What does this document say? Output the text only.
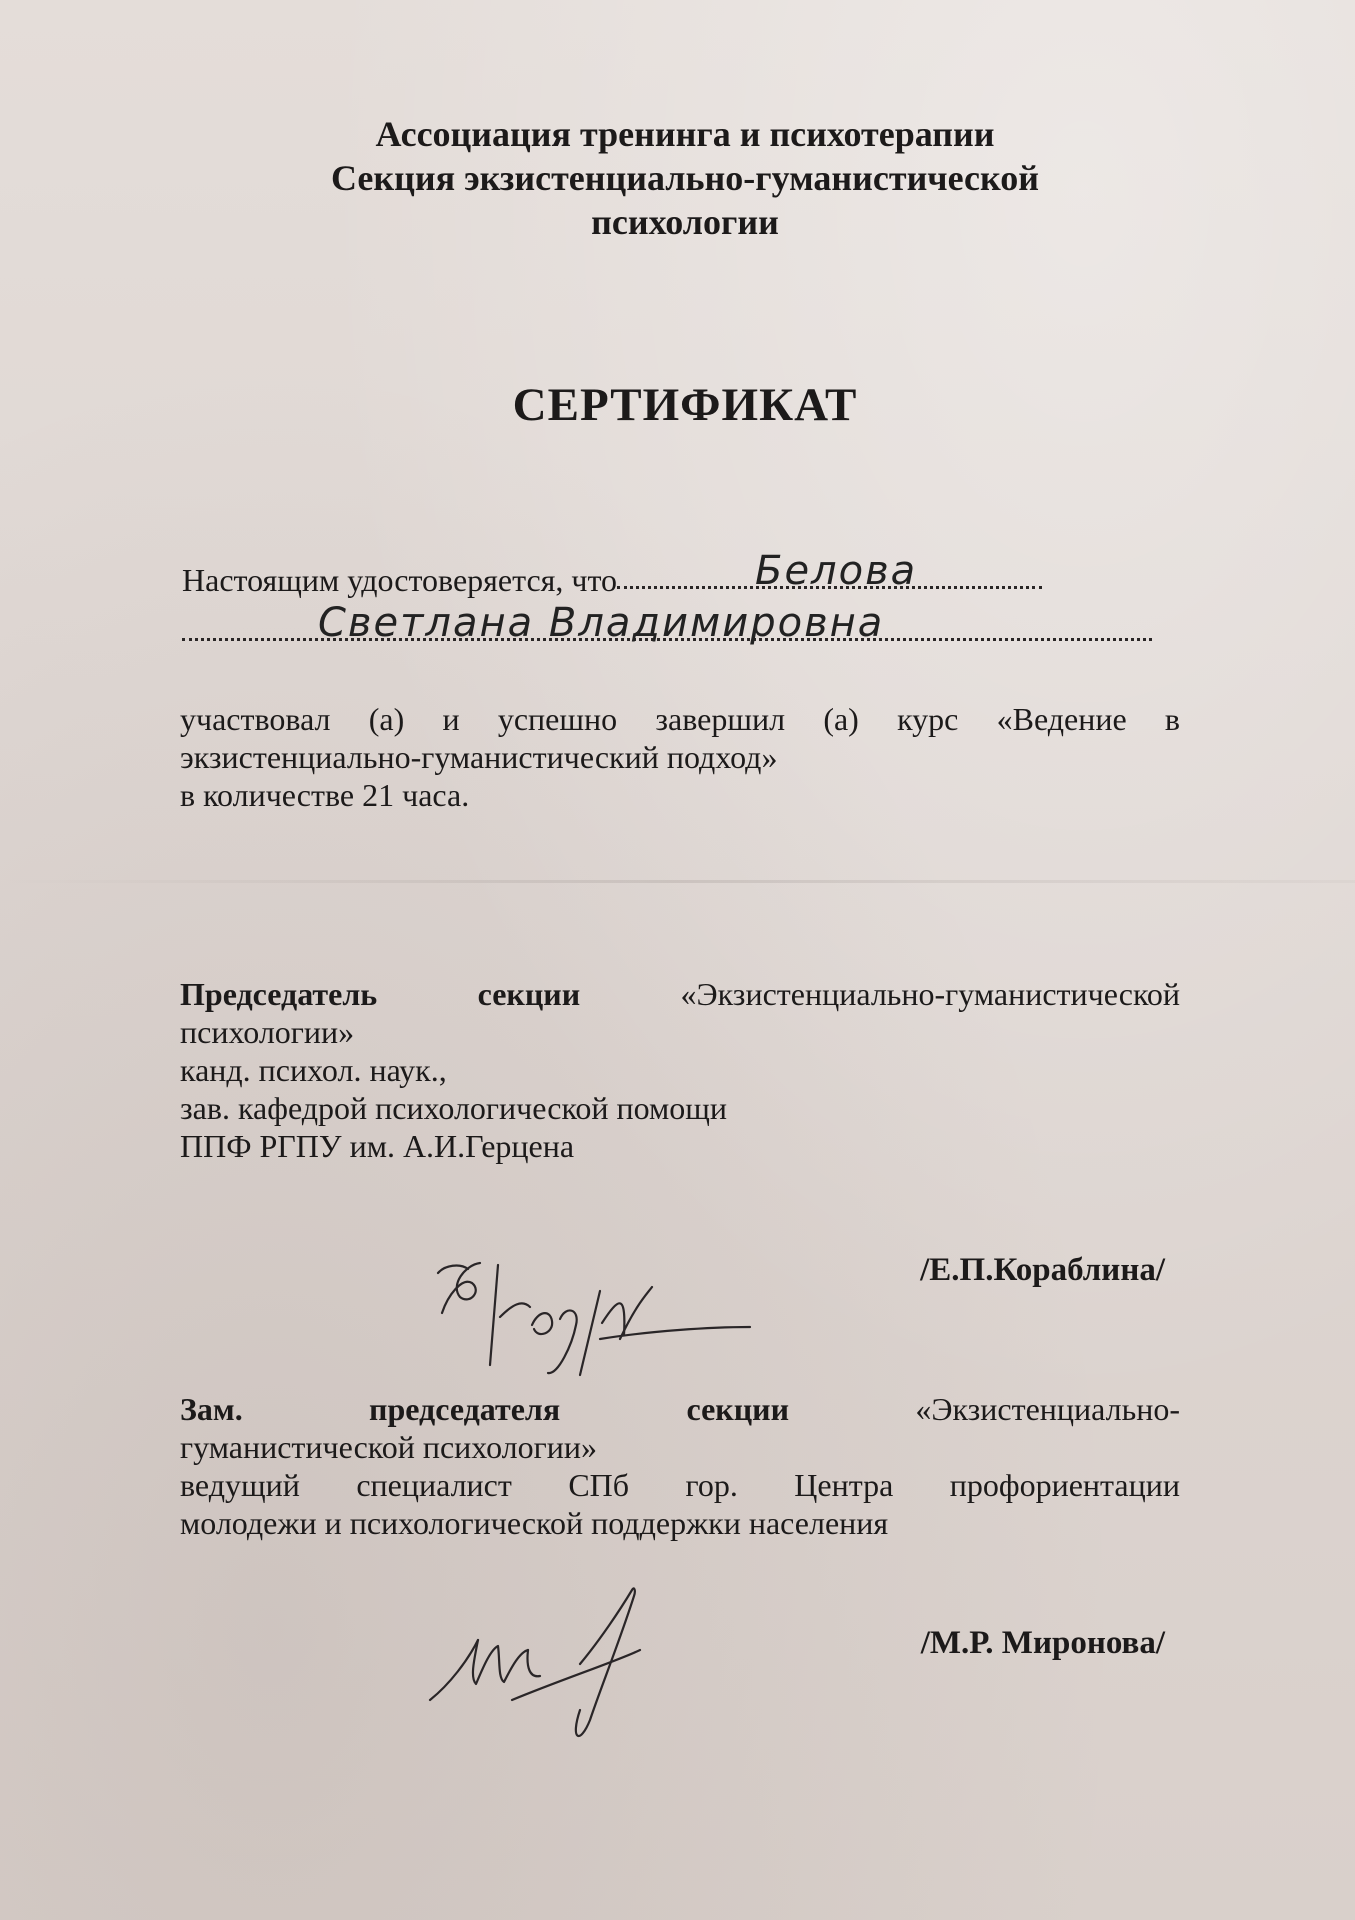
Ассоциация тренинга и психотерапии
Секция экзистенциально-гуманистической
психологии
СЕРТИФИКАТ
Настоящим удостоверяется, что	Белова
Светлана Владимировна
участвовал (а) и успешно завершил (а) курс «Ведение в
экзистенциально-гуманистический подход»
в количестве 21 часа.
Председатель секции	«Экзистенциально-гуманистической
психологии»
канд. психол. наук.,
зав. кафедрой психологической помощи
ППФ РГПУ им. А.И.Герцена
/Е.П.Кораблина/
Зам. председателя секции	«Экзистенциально-
гуманистической психологии»
ведущий специалист СПб гор. Центра профориентации
молодежи и психологической поддержки населения
/М.Р. Миронова/
